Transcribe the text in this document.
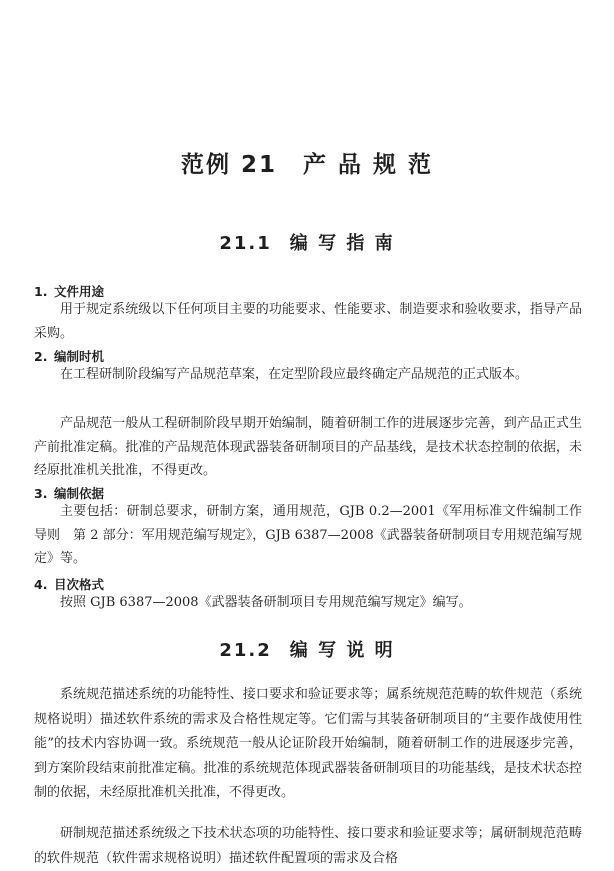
范例 21 产 品 规 范
21.1 编 写 指 南
1. 文件用途
用于规定系统级以下任何项目主要的功能要求、性能要求、制造要求和验收要求，指导产品采购。
2. 编制时机
在工程研制阶段编写产品规范草案，在定型阶段应最终确定产品规范的正式版本。
产品规范一般从工程研制阶段早期开始编制，随着研制工作的进展逐步完善，到产品正式生产前批准定稿。批准的产品规范体现武器装备研制项目的产品基线，是技术状态控制的依据，未经原批准机关批准，不得更改。
3. 编制依据
主要包括：研制总要求，研制方案，通用规范，GJB 0.2—2001《军用标准文件编制工作导则　第 2 部分：军用规范编写规定》，GJB 6387—2008《武器装备研制项目专用规范编写规定》等。
4. 目次格式
按照 GJB 6387—2008《武器装备研制项目专用规范编写规定》编写。
21.2 编 写 说 明
系统规范描述系统的功能特性、接口要求和验证要求等；属系统规范范畴的软件规范（系统规格说明）描述软件系统的需求及合格性规定等。它们需与其装备研制项目的“主要作战使用性能”的技术内容协调一致。系统规范一般从论证阶段开始编制，随着研制工作的进展逐步完善，到方案阶段结束前批准定稿。批准的系统规范体现武器装备研制项目的功能基线，是技术状态控制的依据，未经原批准机关批准，不得更改。
研制规范描述系统级之下技术状态项的功能特性、接口要求和验证要求等；属研制规范范畴的软件规范（软件需求规格说明）描述软件配置项的需求及合格
